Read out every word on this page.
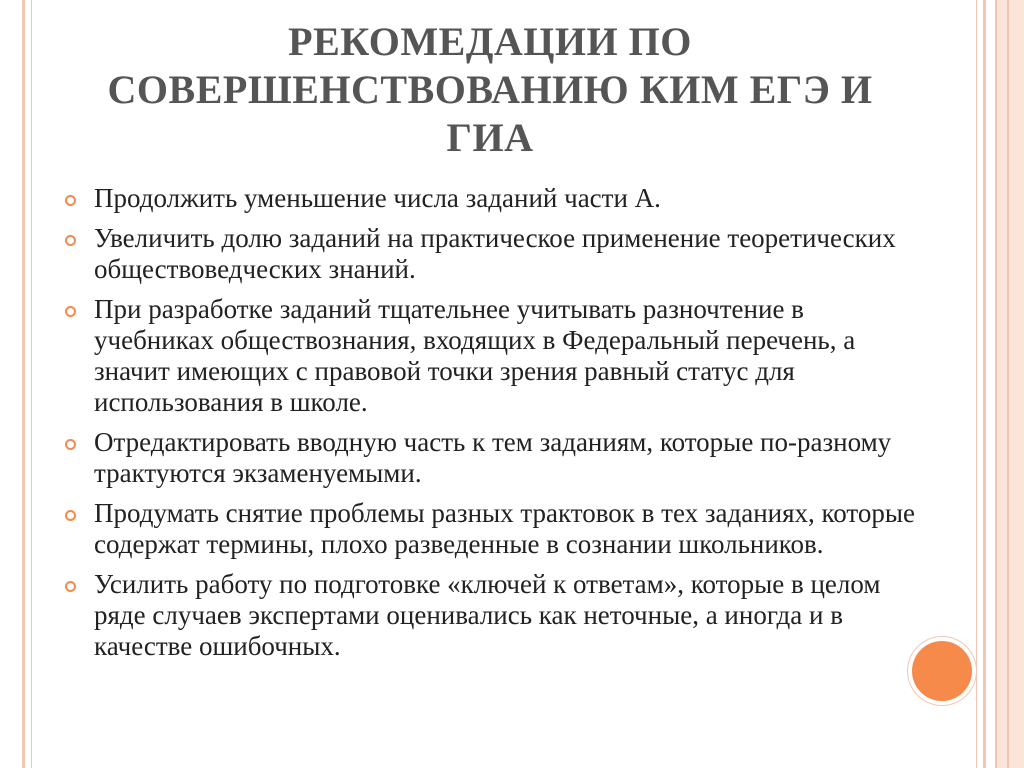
РЕКОМЕДАЦИИ ПО
СОВЕРШЕНСТВОВАНИЮ КИМ ЕГЭ И
ГИА
Продолжить уменьшение числа заданий части А.
Увеличить долю заданий на практическое применение теоретических обществоведческих знаний.
При разработке заданий тщательнее учитывать разночтение в учебниках обществознания, входящих в Федеральный перечень, а значит имеющих с правовой точки зрения равный статус для использования в школе.
Отредактировать вводную часть к тем заданиям, которые по-разному трактуются экзаменуемыми.
Продумать снятие проблемы разных трактовок в тех заданиях, которые содержат термины, плохо разведенные в сознании школьников.
Усилить работу по подготовке «ключей к ответам», которые в целом ряде случаев экспертами оценивались как неточные, а иногда и в качестве ошибочных.
